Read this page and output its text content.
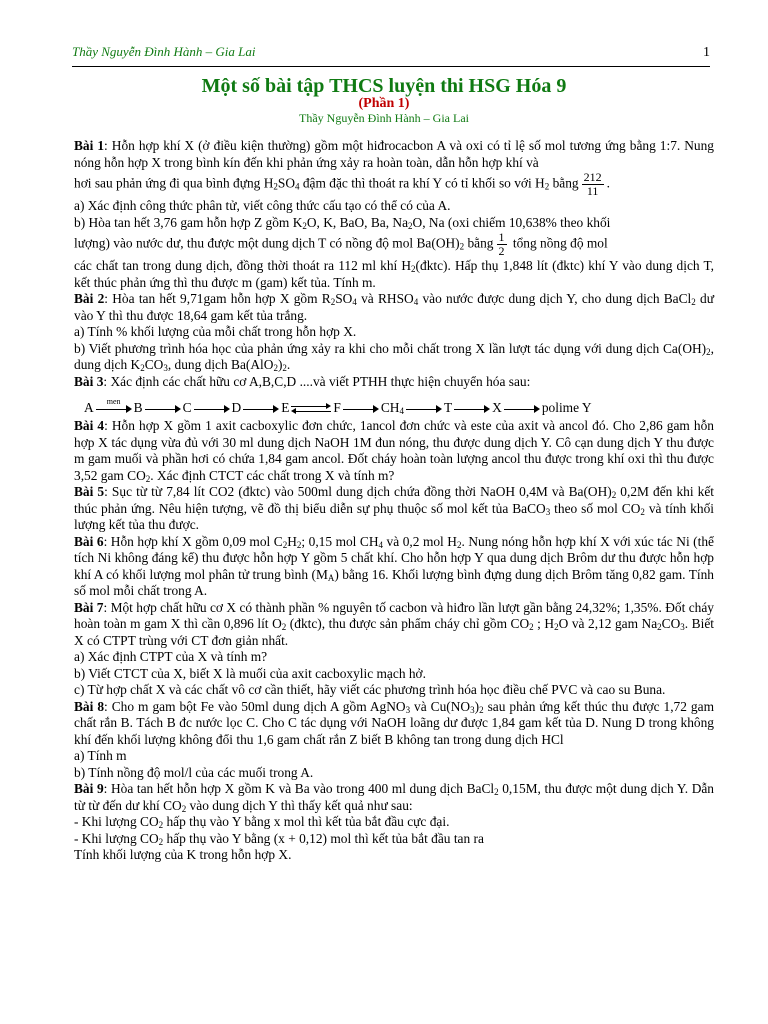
Thầy Nguyễn Đình Hành – Gia Lai	1
Một số bài tập THCS luyện thi HSG Hóa 9
(Phần 1)
Thầy Nguyễn Đình Hành – Gia Lai

Bài 1: Hỗn hợp khí X (ở điều kiện thường) gồm một hiđrocacbon A và oxi có tỉ lệ số mol tương ứng bằng 1:7. Nung nóng hỗn hợp X trong bình kín đến khi phản ứng xảy ra hoàn toàn, dẫn hỗn hợp khí và

hơi sau phản ứng đi qua bình đựng $H_2SO_4$ đậm đặc thì thoát ra khí Y có tỉ khối so với $H_2$ bằng $\frac{212}{11}$ .

a) Xác định công thức phân tử, viết công thức cấu tạo có thể có của A.

b) Hòa tan hết 3,76 gam hỗn hợp Z gồm $K_2O$, K, BaO, Ba, $Na_2O$, Na (oxi chiếm 10,638% theo khối

lượng) vào nước dư, thu được một dung dịch T có nồng độ mol $Ba(OH)_2$ bằng $\frac{1}{2}$ tổng nồng độ mol

các chất tan trong dung dịch, đồng thời thoát ra 112 ml khí $H_2(đktc)$. Hấp thụ 1,848 lít (đktc) khí Y vào dung dịch T, kết thúc phản ứng thì thu được m (gam) kết tủa. Tính m.

Bài 2: Hòa tan hết 9,71gam hỗn hợp X gồm $R_2SO_4$ và $RHSO_4$ vào nước được dung dịch Y, cho dung dịch BaCl$_2$ dư vào Y thì thu được 18,64 gam kết tủa trắng.

a) Tính % khối lượng của mỗi chất trong hỗn hợp X.

b) Viết phương trình hóa học của phản ứng xảy ra khi cho mỗi chất trong X lần lượt tác dụng với dung dịch $Ca(OH)_2$, dung dịch $K_2CO_3$, dung dịch $Ba(AlO_2)_2$.

Bài 3: Xác định các chất hữu cơ A,B,C,D ....và viết PTHH thực hiện chuyển hóa sau:

A	men B	C	D	E	F	$CH_4$	T	X	polime Y

Bài 4: Hỗn hợp X gồm 1 axit cacboxylic đơn chức, 1ancol đơn chức và este của axit và ancol đó. Cho 2,86 gam hỗn hợp X tác dụng vừa đủ với 30 ml dung dịch NaOH 1M đun nóng, thu được dung dịch Y. Cô cạn dung dịch Y thu được m gam muối và phần hơi có chứa 1,84 gam ancol. Đốt cháy hoàn toàn lượng ancol thu được trong khí oxi thì thu được 3,52 gam $CO_2$. Xác định CTCT các chất trong X và tính m?

Bài 5: Sục từ từ 7,84 lít CO2 (đktc) vào 500ml dung dịch chứa đồng thời NaOH 0,4M và $Ba(OH)_2$ 0,2M đến khi kết thúc phản ứng. Nêu hiện tượng, vẽ đồ thị biểu diễn sự phụ thuộc số mol kết tủa BaCO$_3$ theo số mol $CO_2$ và tính khối lượng kết tủa thu được.

Bài 6: Hỗn hợp khí X gồm 0,09 mol $C_2H_2$; 0,15 mol $CH_4$ và 0,2 mol $H_2$. Nung nóng hỗn hợp khí X với xúc tác Ni (thể tích Ni không đáng kể) thu được hỗn hợp Y gồm 5 chất khí. Cho hỗn hợp Y qua dung dịch Brôm dư thu được hỗn hợp khí A có khối lượng mol phân tử trung bình $(M_A)$ bằng 16. Khối lượng bình đựng dung dịch Brôm tăng 0,82 gam. Tính số mol mỗi chất trong A.

Bài 7: Một hợp chất hữu cơ X có thành phần % nguyên tố cacbon và hiđro lần lượt gần bằng 24,32%; 1,35%. Đốt cháy hoàn toàn m gam X thì cần 0,896 lít $O_2$ (đktc), thu được sản phẩm cháy chỉ gồm $CO_2$ ; $H_2O$ và 2,12 gam $Na_2CO_3$. Biết X có CTPT trùng với CT đơn giản nhất.

a) Xác định CTPT của X và tính m?

b) Viết CTCT của X, biết X là muối của axit cacboxylic mạch hở.

c) Từ hợp chất X và các chất vô cơ cần thiết, hãy viết các phương trình hóa học điều chế PVC và cao su Buna.

Bài 8: Cho m gam bột Fe vào 50ml dung dịch A gồm AgNO$_3$ và $Cu(NO_3)_2$ sau phản ứng kết thúc thu được 1,72 gam chất rắn B. Tách B đc nước lọc C. Cho C tác dụng với NaOH loãng dư được 1,84 gam kết tủa D. Nung D trong không khí đến khối lượng không đổi thu 1,6 gam chất rắn Z biết B không tan trong dung dịch HCl

a) Tính m

b) Tính nồng độ mol/l của các muối trong A.

Bài 9: Hòa tan hết hỗn hợp X gồm K và Ba vào trong 400 ml dung dịch BaCl$_2$ 0,15M, thu được một dung dịch Y. Dẫn từ từ đến dư khí $CO_2$ vào dung dịch Y thì thấy kết quả như sau:

- Khi lượng $CO_2$ hấp thụ vào Y bằng x mol thì kết tủa bắt đầu cực đại.

- Khi lượng $CO_2$ hấp thụ vào Y bằng (x + 0,12) mol thì kết tủa bắt đầu tan ra

Tính khối lượng của K trong hỗn hợp X.
